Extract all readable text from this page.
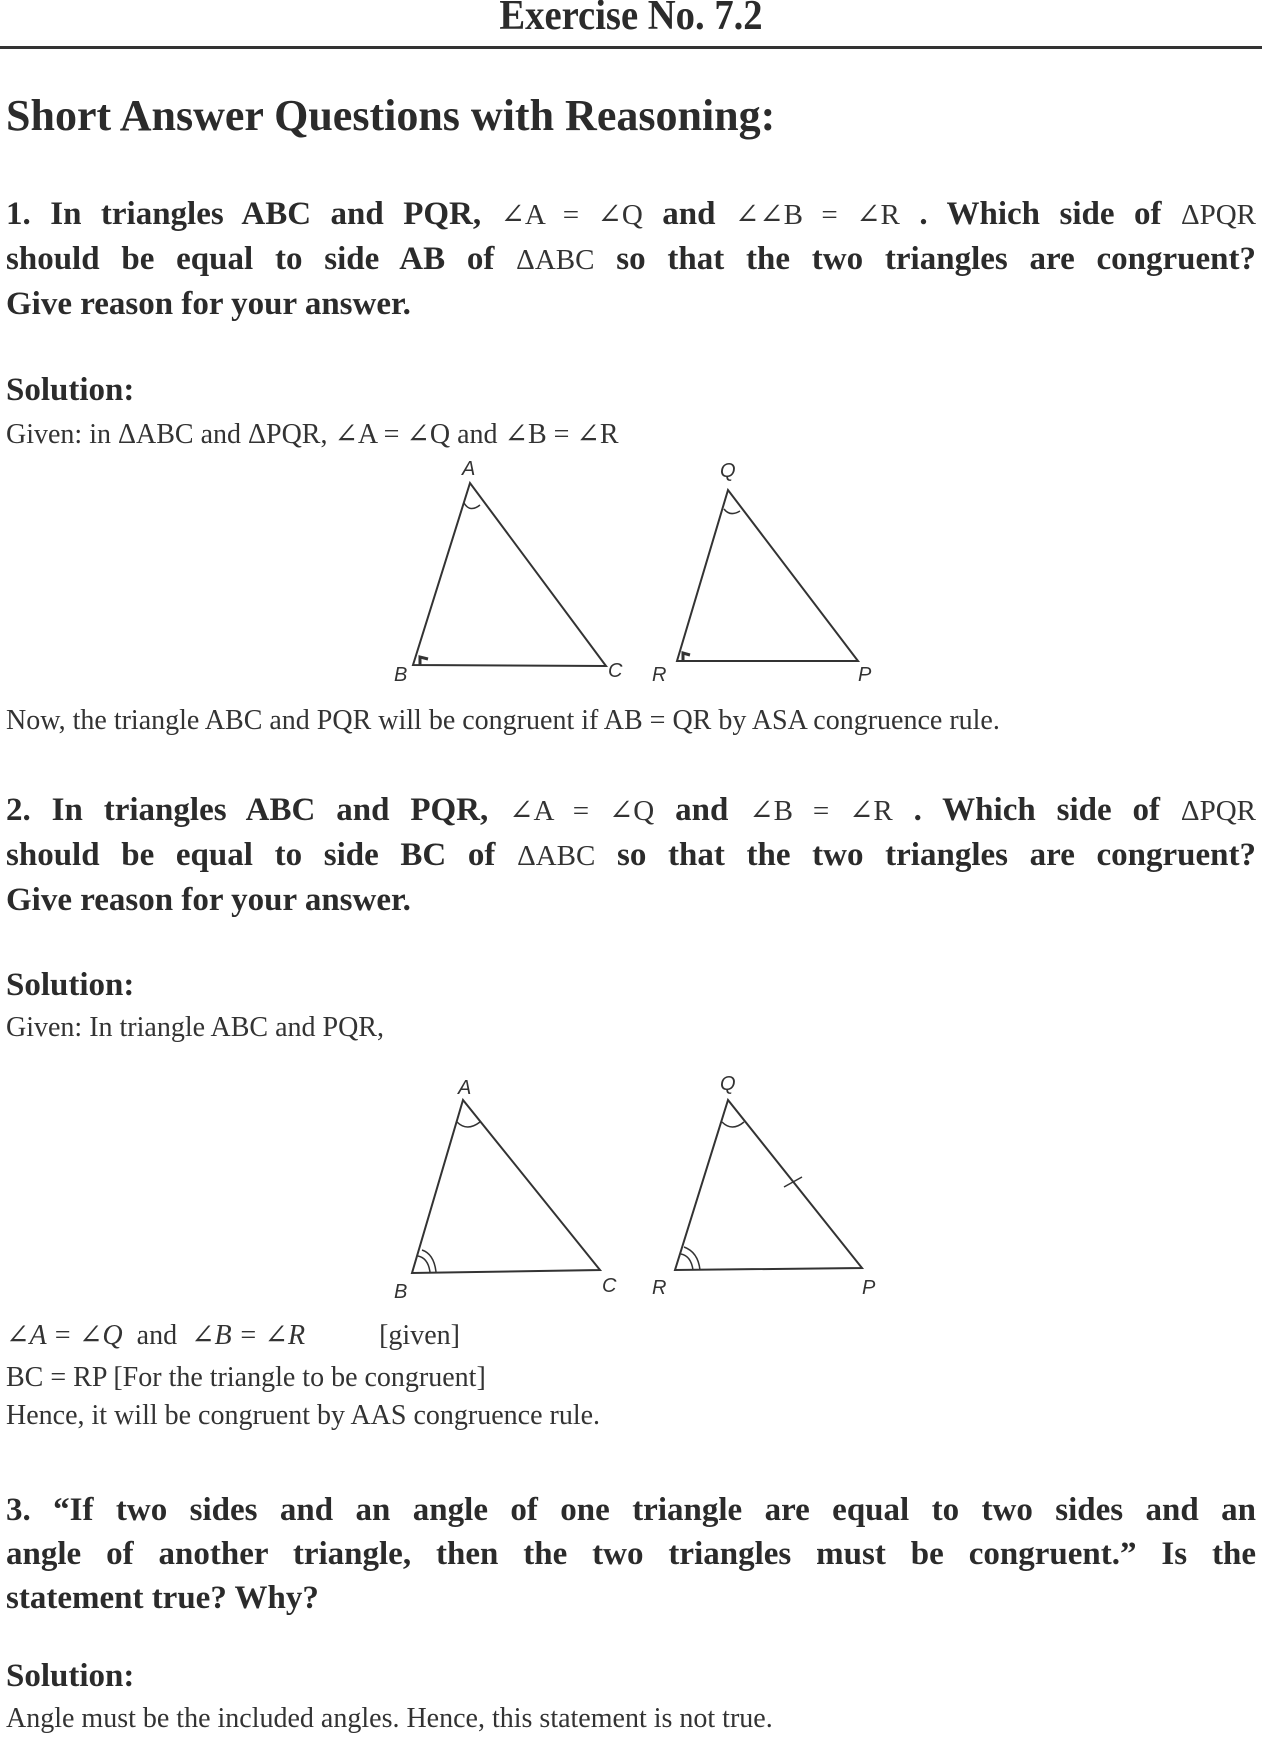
Exercise No. 7.2
Short Answer Questions with Reasoning:
1. In triangles ABC and PQR, ∠A = ∠Q and ∠∠B = ∠R . Which side of ΔPQR
should be equal to side AB of ΔABC so that the two triangles are congruent?
Give reason for your answer.
Solution:
Given: in ΔABC and ΔPQR, ∠A = ∠Q and ∠B = ∠R
A
B	C
Q
R	P
Now, the triangle ABC and PQR will be congruent if AB = QR by ASA congruence rule.
2. In triangles ABC and PQR, ∠A = ∠Q and ∠B = ∠R . Which side of ΔPQR
should be equal to side BC of ΔABC so that the two triangles are congruent?
Give reason for your answer.
Solution:
Given: In triangle ABC and PQR,
A
B	C
Q
R	P
∠A = ∠Q and ∠B = ∠R	[given]
BC = RP [For the triangle to be congruent]
Hence, it will be congruent by AAS congruence rule.
3. “If two sides and an angle of one triangle are equal to two sides and an
angle of another triangle, then the two triangles must be congruent.” Is the
statement true? Why?
Solution:
Angle must be the included angles. Hence, this statement is not true.
